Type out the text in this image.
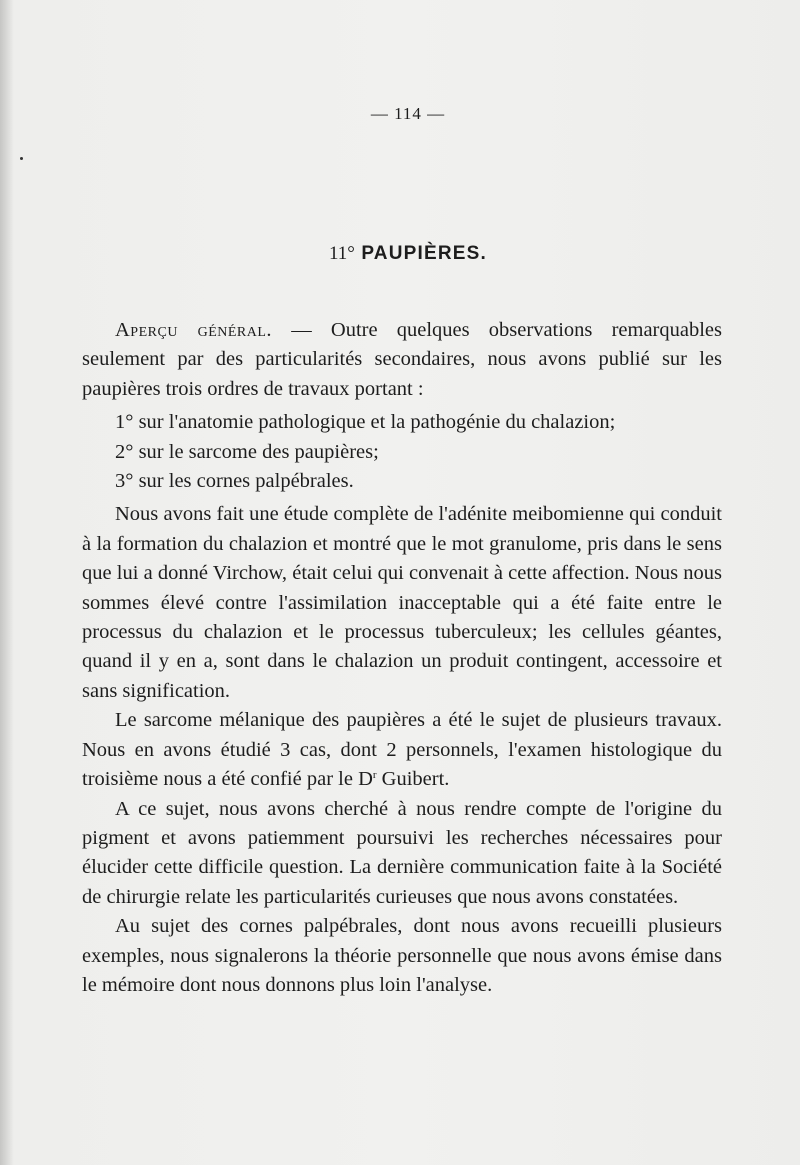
— 114 —
11° PAUPIÈRES.

Aperçu général. — Outre quelques observations remarquables seulement par des particularités secondaires, nous avons publié sur les paupières trois ordres de travaux portant :

1° sur l'anatomie pathologique et la pathogénie du chalazion;
2° sur le sarcome des paupières;
3° sur les cornes palpébrales.

Nous avons fait une étude complète de l'adénite meibomienne qui conduit à la formation du chalazion et montré que le mot granulome, pris dans le sens que lui a donné Virchow, était celui qui convenait à cette affection. Nous nous sommes élevé contre l'assimilation inacceptable qui a été faite entre le processus du chalazion et le processus tuberculeux; les cellules géantes, quand il y en a, sont dans le chalazion un produit contingent, accessoire et sans signification.

Le sarcome mélanique des paupières a été le sujet de plusieurs travaux. Nous en avons étudié 3 cas, dont 2 personnels, l'examen histologique du troisième nous a été confié par le $D^r$ Guibert.

A ce sujet, nous avons cherché à nous rendre compte de l'origine du pigment et avons patiemment poursuivi les recherches nécessaires pour élucider cette difficile question. La dernière communication faite à la Société de chirurgie relate les particularités curieuses que nous avons constatées.

Au sujet des cornes palpébrales, dont nous avons recueilli plusieurs exemples, nous signalerons la théorie personnelle que nous avons émise dans le mémoire dont nous donnons plus loin l'analyse.
